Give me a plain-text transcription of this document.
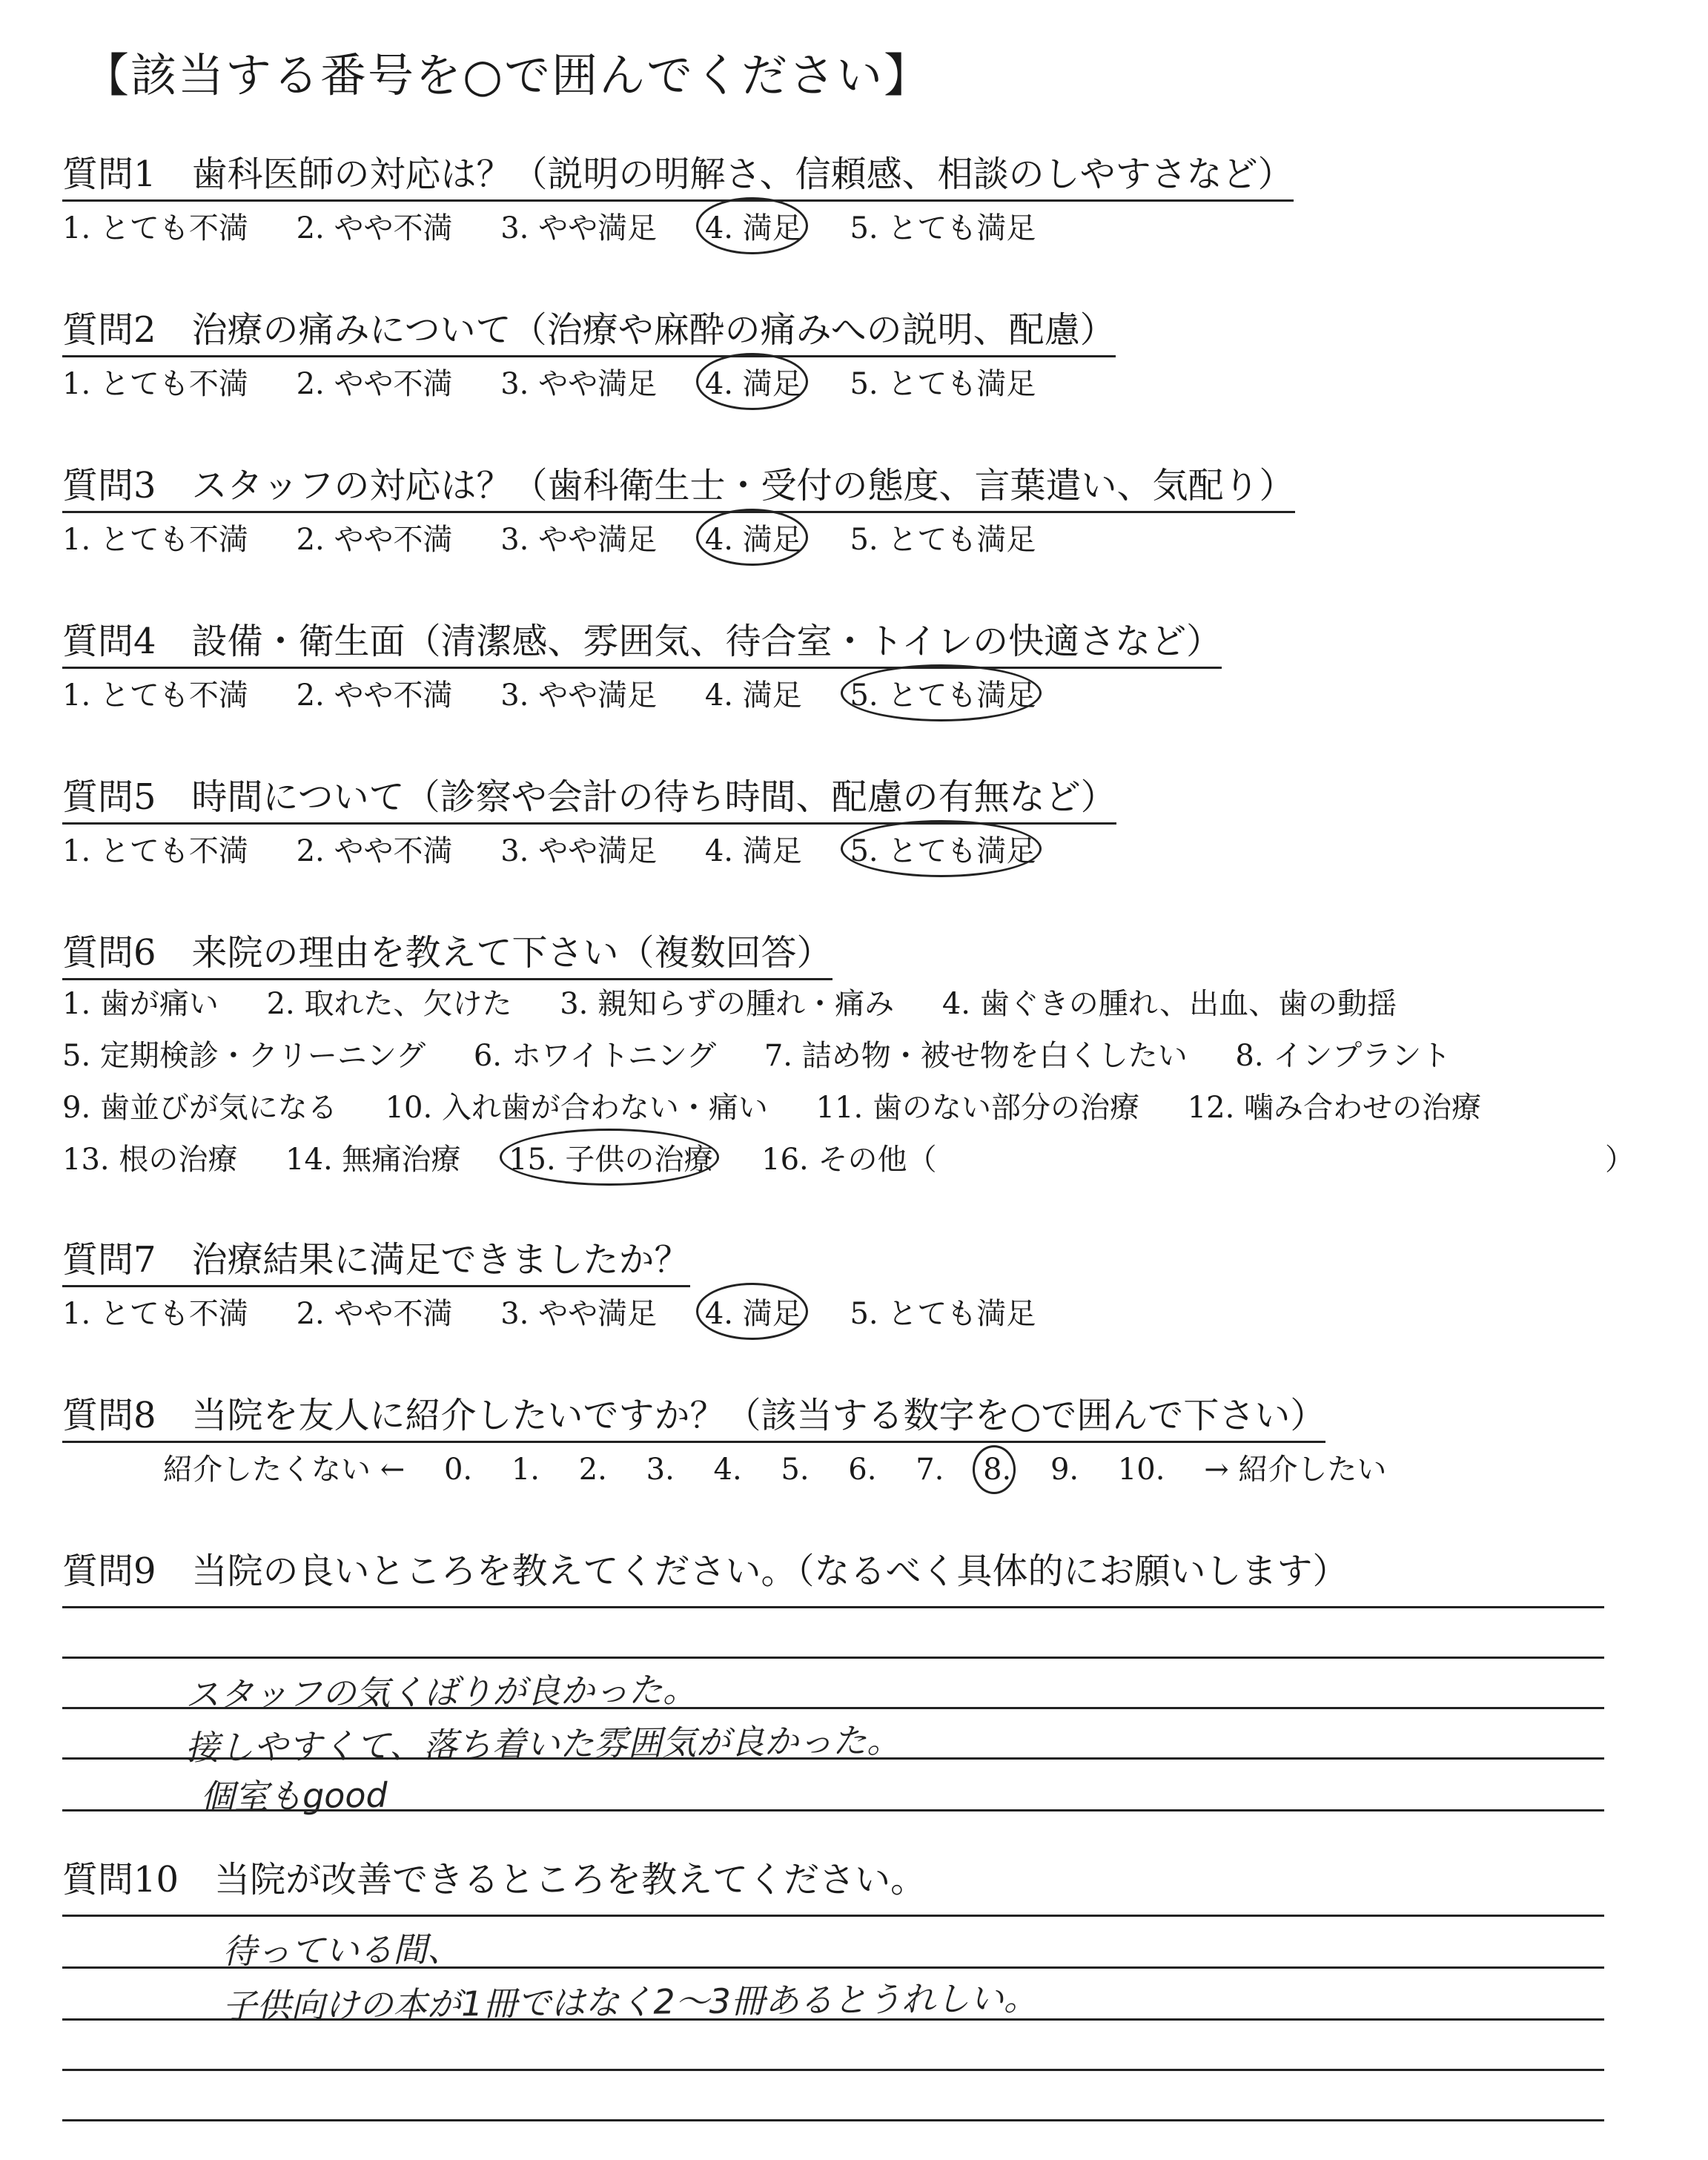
【該当する番号を○で囲んでください】
質問1　歯科医師の対応は？（説明の明解さ、信頼感、相談のしやすさなど）
1. とても不満 2. やや不満 3. やや満足 4. 満足 5. とても満足
質問2　治療の痛みについて（治療や麻酔の痛みへの説明、配慮）
1. とても不満 2. やや不満 3. やや満足 4. 満足 5. とても満足
質問3　スタッフの対応は？（歯科衛生士・受付の態度、言葉遣い、気配り）
1. とても不満 2. やや不満 3. やや満足 4. 満足 5. とても満足
質問4　設備・衛生面（清潔感、雰囲気、待合室・トイレの快適さなど）
1. とても不満 2. やや不満 3. やや満足 4. 満足 5. とても満足
質問5　時間について（診察や会計の待ち時間、配慮の有無など）
1. とても不満 2. やや不満 3. やや満足 4. 満足 5. とても満足
質問6　来院の理由を教えて下さい（複数回答）
1. 歯が痛い 2. 取れた、欠けた 3. 親知らずの腫れ・痛み 4. 歯ぐきの腫れ、出血、歯の動揺
5. 定期検診・クリーニング 6. ホワイトニング 7. 詰め物・被せ物を白くしたい 8. インプラント
9. 歯並びが気になる 10. 入れ歯が合わない・痛い 11. 歯のない部分の治療 12. 噛み合わせの治療
13. 根の治療 14. 無痛治療 15. 子供の治療 16. その他（	）
質問7　治療結果に満足できましたか？
1. とても不満 2. やや不満 3. やや満足 4. 満足 5. とても満足
質問8　当院を友人に紹介したいですか？（該当する数字を○で囲んで下さい）
紹介したくない ← 0. 1. 2. 3. 4. 5. 6. 7. 8. 9. 10. → 紹介したい
質問9　当院の良いところを教えてください。（なるべく具体的にお願いします）
スタッフの気くばりが良かった。
接しやすくて、落ち着いた雰囲気が良かった。
個室もgood
質問10　当院が改善できるところを教えてください。
待っている間、
子供向けの本が1冊ではなく2〜3冊あるとうれしい。
